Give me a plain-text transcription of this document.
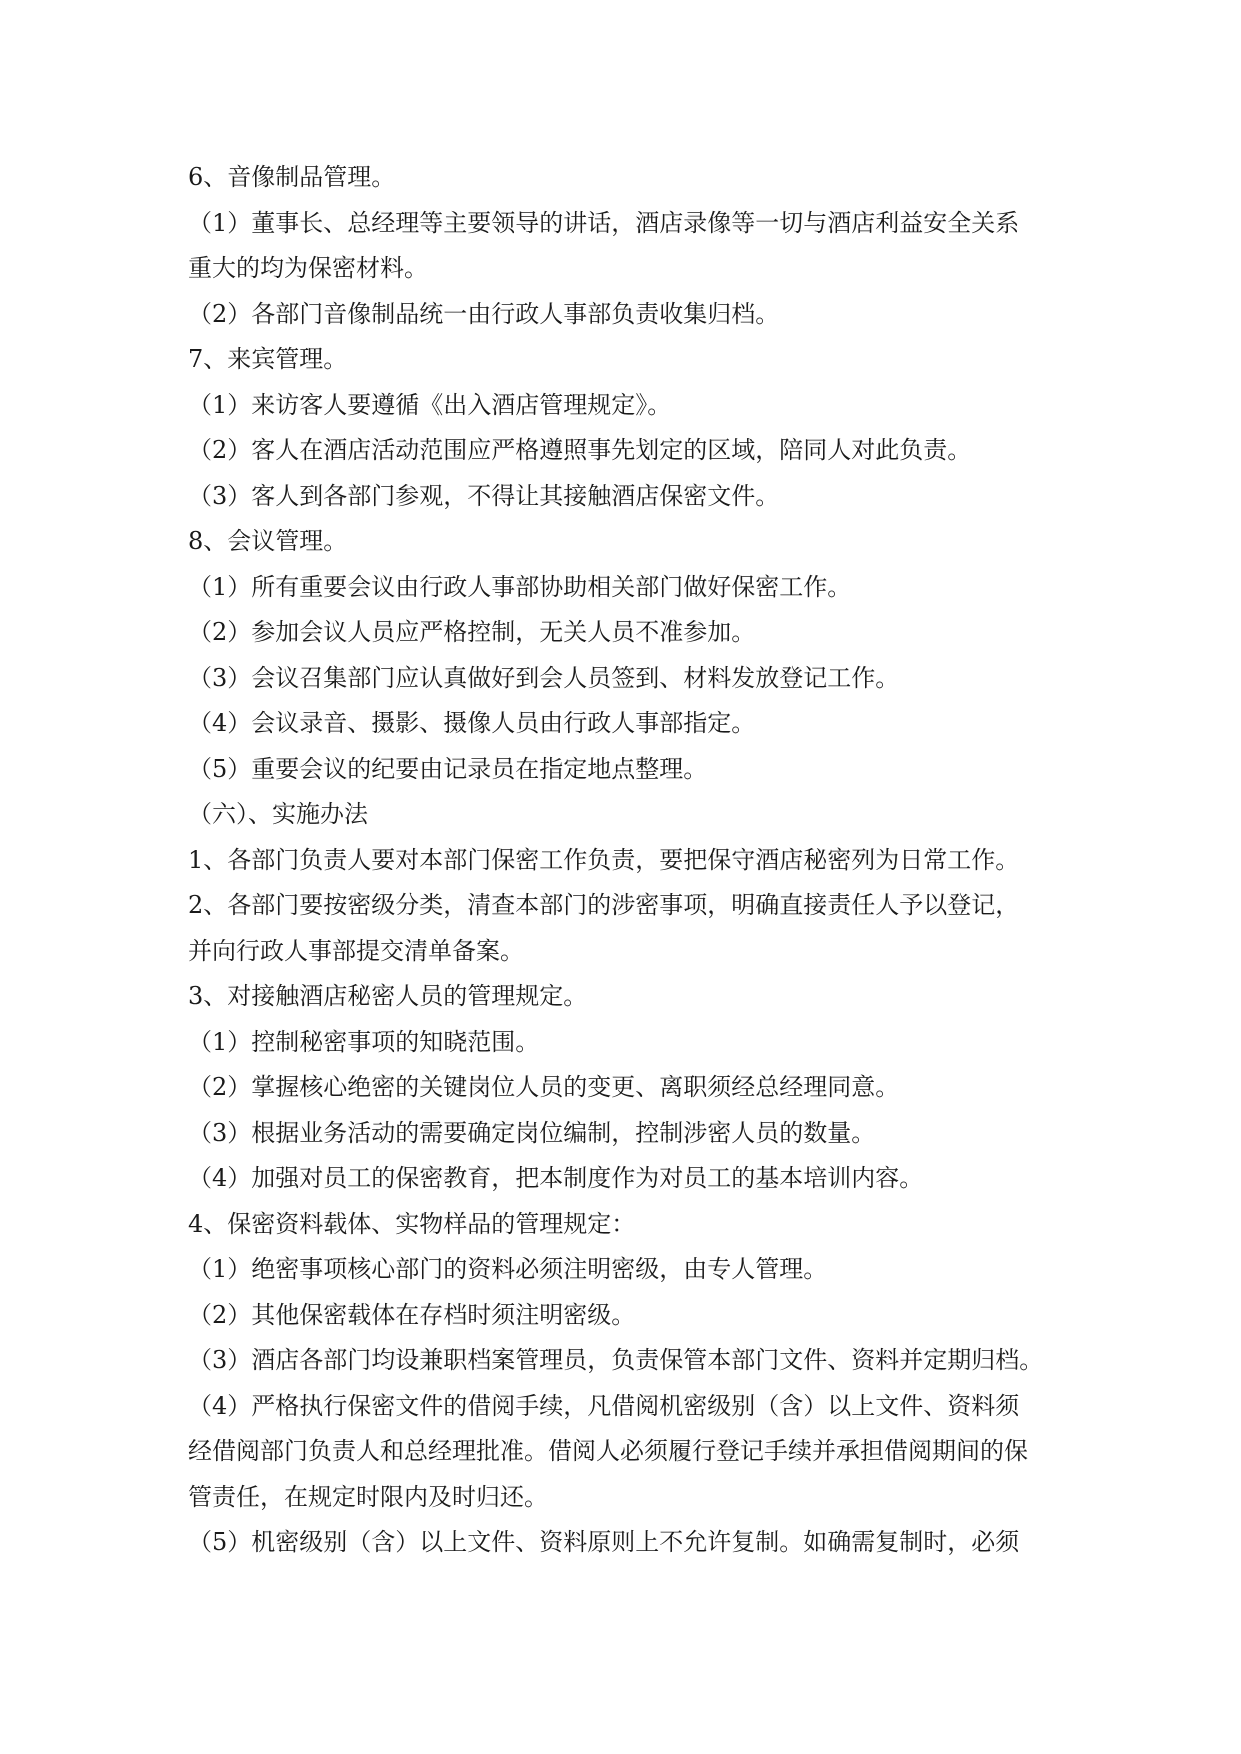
6、音像制品管理。
（1）董事长、总经理等主要领导的讲话，酒店录像等一切与酒店利益安全关系
重大的均为保密材料。
（2）各部门音像制品统一由行政人事部负责收集归档。
7、来宾管理。
（1）来访客人要遵循《出入酒店管理规定》。
（2）客人在酒店活动范围应严格遵照事先划定的区域，陪同人对此负责。
（3）客人到各部门参观，不得让其接触酒店保密文件。
8、会议管理。
（1）所有重要会议由行政人事部协助相关部门做好保密工作。
（2）参加会议人员应严格控制，无关人员不准参加。
（3）会议召集部门应认真做好到会人员签到、材料发放登记工作。
（4）会议录音、摄影、摄像人员由行政人事部指定。
（5）重要会议的纪要由记录员在指定地点整理。
（六）、实施办法
1、各部门负责人要对本部门保密工作负责，要把保守酒店秘密列为日常工作。
2、各部门要按密级分类，清查本部门的涉密事项，明确直接责任人予以登记，
并向行政人事部提交清单备案。
3、对接触酒店秘密人员的管理规定。
（1）控制秘密事项的知晓范围。
（2）掌握核心绝密的关键岗位人员的变更、离职须经总经理同意。
（3）根据业务活动的需要确定岗位编制，控制涉密人员的数量。
（4）加强对员工的保密教育，把本制度作为对员工的基本培训内容。
4、保密资料载体、实物样品的管理规定：
（1）绝密事项核心部门的资料必须注明密级，由专人管理。
（2）其他保密载体在存档时须注明密级。
（3）酒店各部门均设兼职档案管理员，负责保管本部门文件、资料并定期归档。
（4）严格执行保密文件的借阅手续，凡借阅机密级别（含）以上文件、资料须
经借阅部门负责人和总经理批准。借阅人必须履行登记手续并承担借阅期间的保
管责任，在规定时限内及时归还。
（5）机密级别（含）以上文件、资料原则上不允许复制。如确需复制时，必须
